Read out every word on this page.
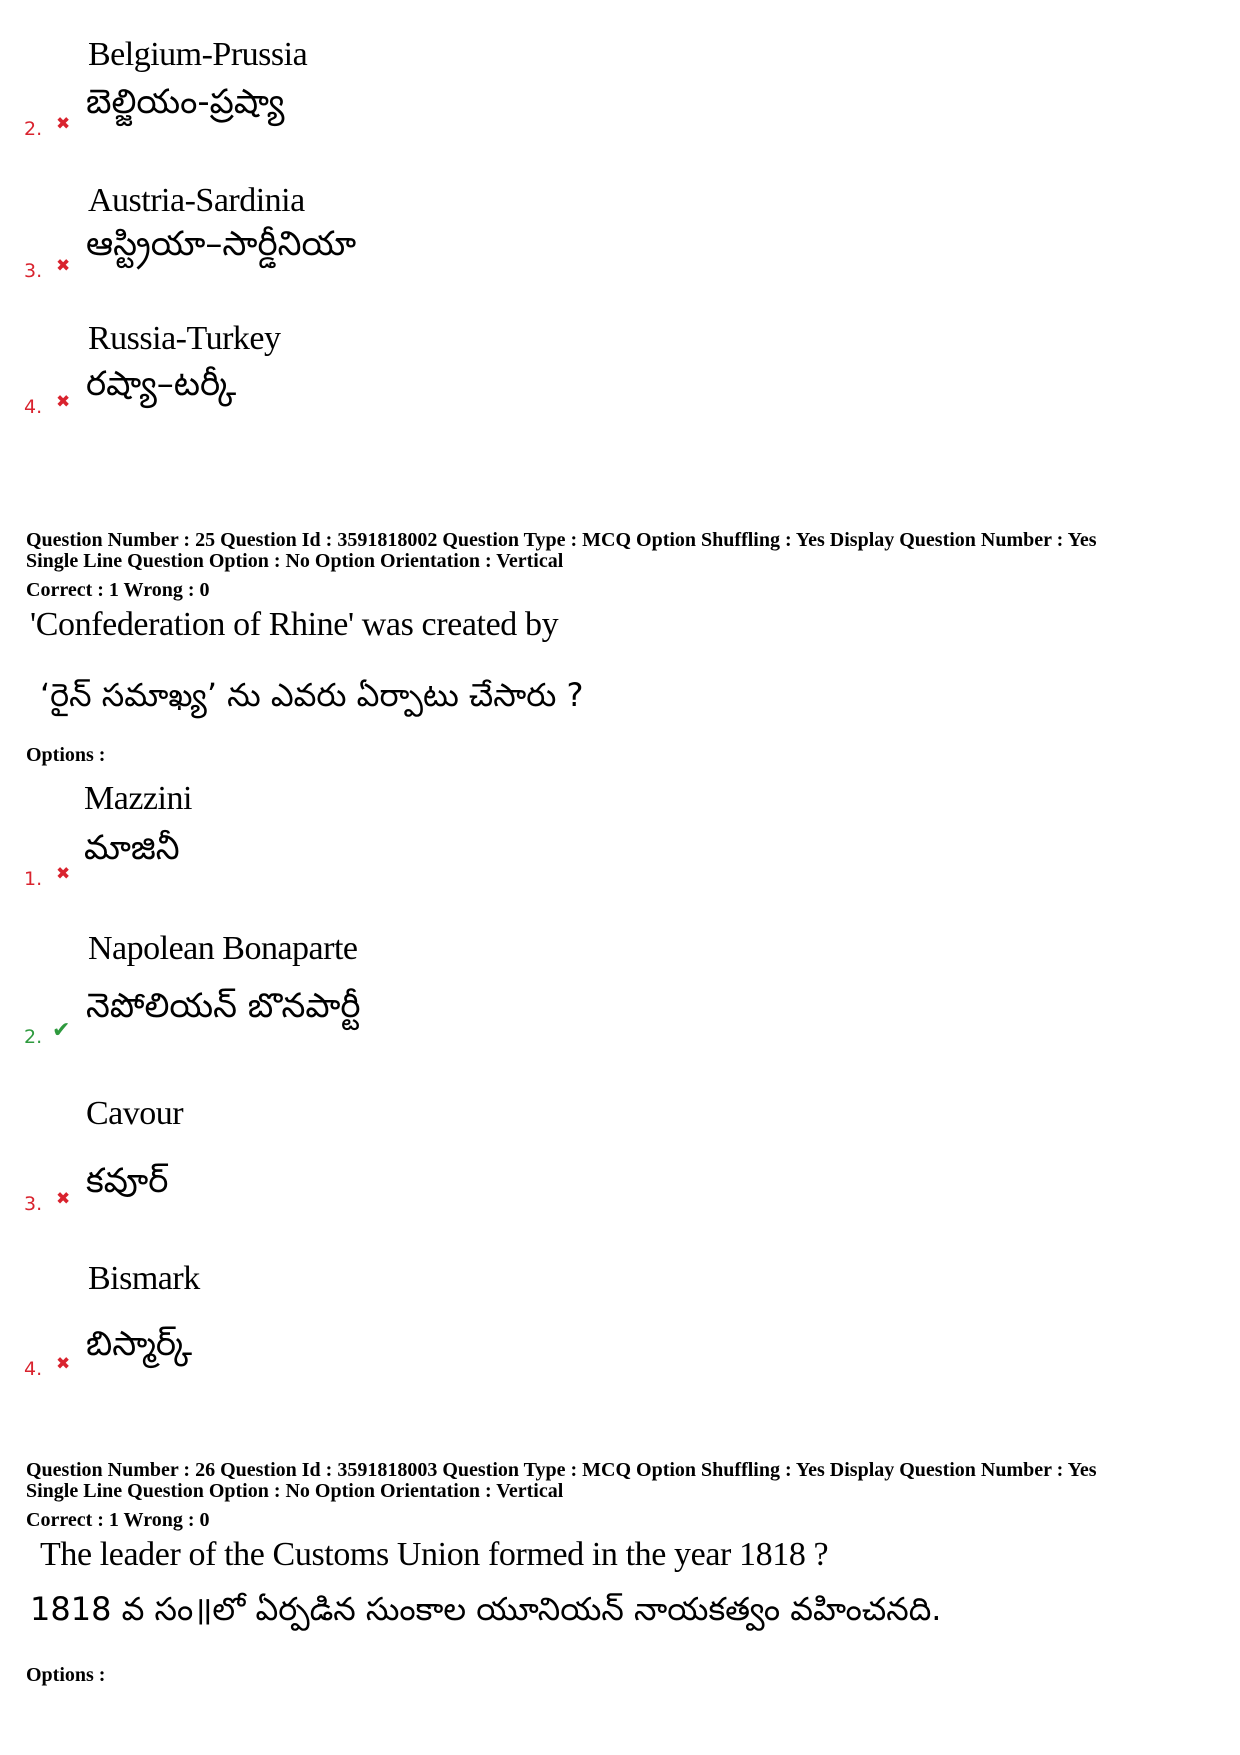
Belgium-Prussia
బెల్జియం-ప్రష్యా
2. ✖
Austria-Sardinia
ఆస్ట్రియా–సార్డీనియా
3. ✖
Russia-Turkey
రష్యా–టర్కీ
4. ✖
Question Number : 25 Question Id : 3591818002 Question Type : MCQ Option Shuffling : Yes Display Question Number : Yes
Single Line Question Option : No Option Orientation : Vertical
Correct : 1 Wrong : 0
'Confederation of Rhine' was created by
‘రైన్ సమాఖ్య’ ను ఎవరు ఏర్పాటు చేసారు ?
Options :
Mazzini
మాజినీ
1. ✖
Napolean Bonaparte
నెపోలియన్ బొనపార్టీ
2. ✔
Cavour
కవూర్
3. ✖
Bismark
బిస్మార్క్
4. ✖
Question Number : 26 Question Id : 3591818003 Question Type : MCQ Option Shuffling : Yes Display Question Number : Yes
Single Line Question Option : No Option Orientation : Vertical
Correct : 1 Wrong : 0
The leader of the Customs Union formed in the year 1818 ?
1818 వ సం॥లో ఏర్పడిన సుంకాల యూనియన్ నాయకత్వం వహించనది.
Options :
